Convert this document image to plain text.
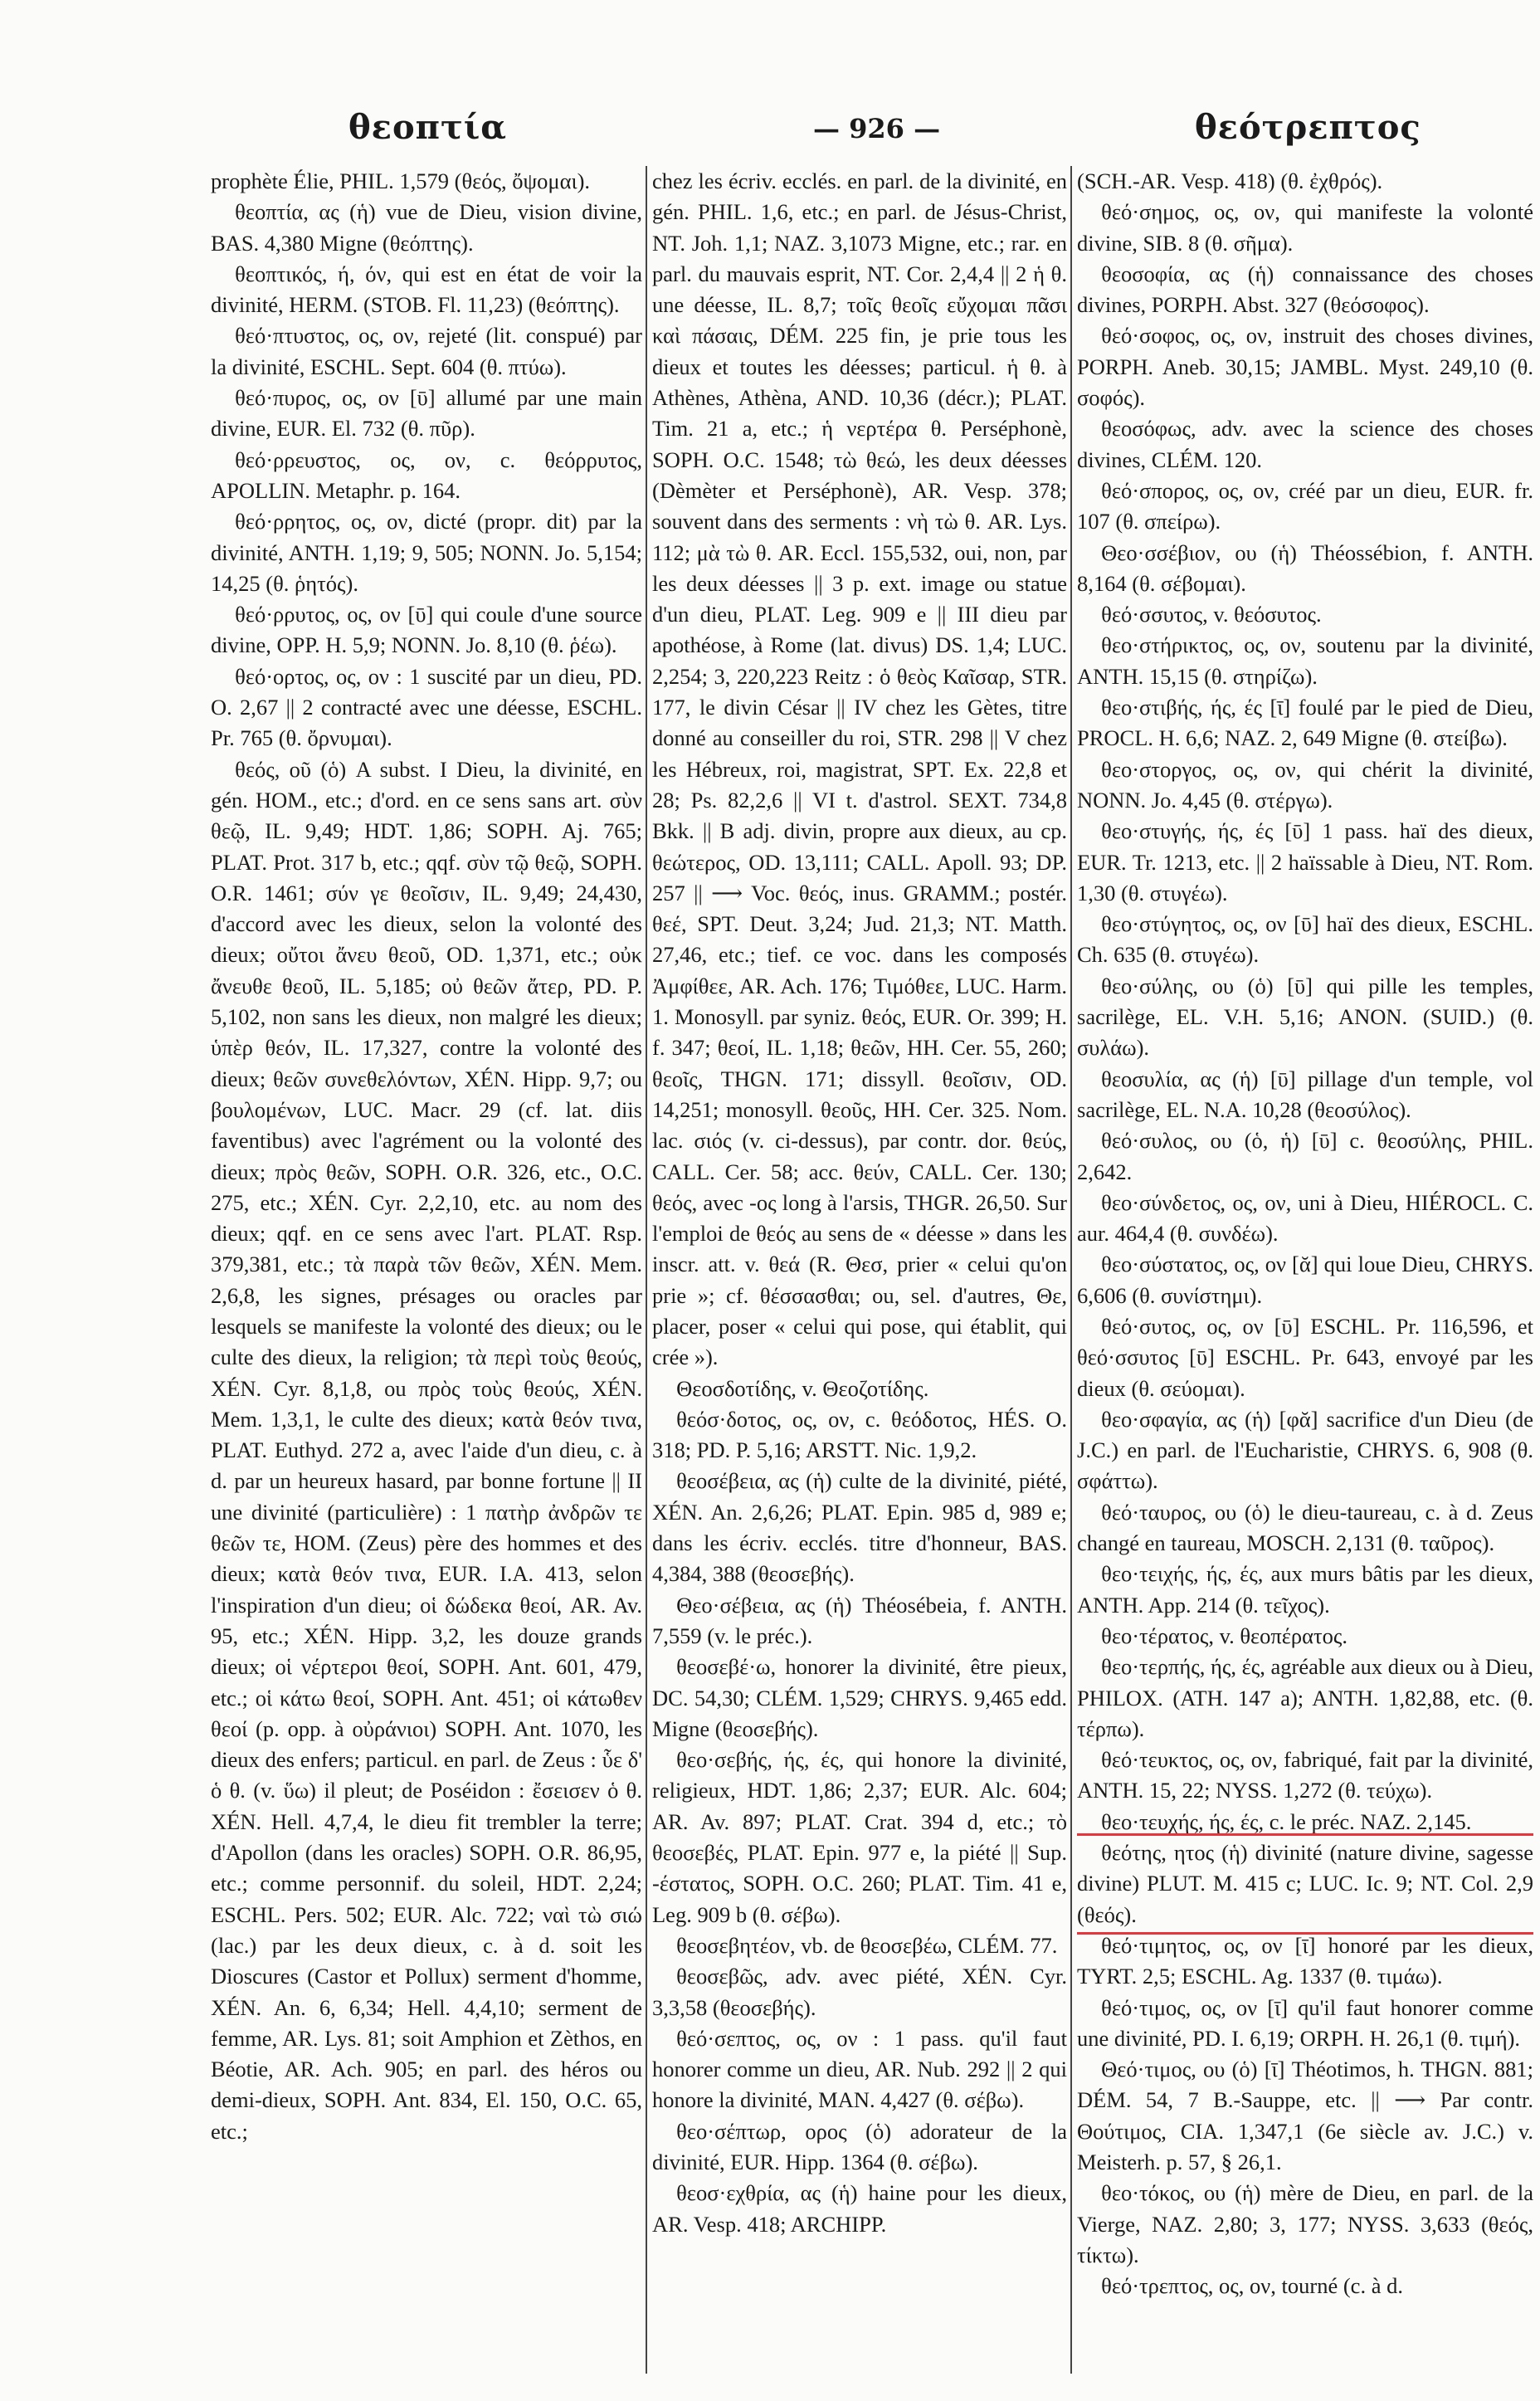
θεοπτία	— 926 —	θεότρεπτος

prophète Élie, PHIL. 1,579 (θεός, ὄψομαι).

θεοπτία, ας (ἡ) vue de Dieu, vision divine, BAS. 4,380 Migne (θεόπτης).

θεοπτικός, ή, όν, qui est en état de voir la divinité, HERM. (STOB. Fl. 11,23) (θεόπτης).

θεό·πτυστος, ος, ον, rejeté (lit. conspué) par la divinité, ESCHL. Sept. 604 (θ. πτύω).

θεό·πυρος, ος, ον [ῡ] allumé par une main divine, EUR. El. 732 (θ. πῦρ).

θεό·ρρευστος, ος, ον, c. θεόρρυτος, APOLLIN. Metaphr. p. 164.

θεό·ρρητος, ος, ον, dicté (propr. dit) par la divinité, ANTH. 1,19; 9, 505; NONN. Jo. 5,154; 14,25 (θ. ῥητός).

θεό·ρρυτος, ος, ον [ῡ] qui coule d'une source divine, OPP. H. 5,9; NONN. Jo. 8,10 (θ. ῥέω).

θεό·ορτος, ος, ον : 1 suscité par un dieu, PD. O. 2,67 || 2 contracté avec une déesse, ESCHL. Pr. 765 (θ. ὄρνυμαι).

θεός, οῦ (ὁ) A subst. I Dieu, la divinité, en gén. HOM., etc.; d'ord. en ce sens sans art. σὺν θεῷ, IL. 9,49; HDT. 1,86; SOPH. Aj. 765; PLAT. Prot. 317 b, etc.; qqf. σὺν τῷ θεῷ, SOPH. O.R. 1461; σύν γε θεοῖσιν, IL. 9,49; 24,430, d'accord avec les dieux, selon la volonté des dieux; οὔτοι ἄνευ θεοῦ, OD. 1,371, etc.; οὐκ ἄνευθε θεοῦ, IL. 5,185; οὐ θεῶν ἄτερ, PD. P. 5,102, non sans les dieux, non malgré les dieux; ὑπὲρ θεόν, IL. 17,327, contre la volonté des dieux; θεῶν συνεθελόντων, XÉN. Hipp. 9,7; ou βουλομένων, LUC. Macr. 29 (cf. lat. diis faventibus) avec l'agrément ou la volonté des dieux; πρὸς θεῶν, SOPH. O.R. 326, etc., O.C. 275, etc.; XÉN. Cyr. 2,2,10, etc. au nom des dieux; qqf. en ce sens avec l'art. PLAT. Rsp. 379,381, etc.; τὰ παρὰ τῶν θεῶν, XÉN. Mem. 2,6,8, les signes, présages ou oracles par lesquels se manifeste la volonté des dieux; ou le culte des dieux, la religion; τὰ περὶ τοὺς θεούς, XÉN. Cyr. 8,1,8, ou πρὸς τοὺς θεούς, XÉN. Mem. 1,3,1, le culte des dieux; κατὰ θεόν τινα, PLAT. Euthyd. 272 a, avec l'aide d'un dieu, c. à d. par un heureux hasard, par bonne fortune || II une divinité (particulière) : 1 πατὴρ ἀνδρῶν τε θεῶν τε, HOM. (Zeus) père des hommes et des dieux; κατὰ θεόν τινα, EUR. I.A. 413, selon l'inspiration d'un dieu; οἱ δώδεκα θεοί, AR. Av. 95, etc.; XÉN. Hipp. 3,2, les douze grands dieux; οἱ νέρτεροι θεοί, SOPH. Ant. 601, 479, etc.; οἱ κάτω θεοί, SOPH. Ant. 451; οἱ κάτωθεν θεοί (p. opp. à οὐράνιοι) SOPH. Ant. 1070, les dieux des enfers; particul. en parl. de Zeus : ὗε δ' ὁ θ. (v. ὕω) il pleut; de Poséidon : ἔσεισεν ὁ θ. XÉN. Hell. 4,7,4, le dieu fit trembler la terre; d'Apollon (dans les oracles) SOPH. O.R. 86,95, etc.; comme personnif. du soleil, HDT. 2,24; ESCHL. Pers. 502; EUR. Alc. 722; ναὶ τὼ σιώ (lac.) par les deux dieux, c. à d. soit les Dioscures (Castor et Pollux) serment d'homme, XÉN. An. 6, 6,34; Hell. 4,4,10; serment de femme, AR. Lys. 81; soit Amphion et Zèthos, en Béotie, AR. Ach. 905; en parl. des héros ou demi-dieux, SOPH. Ant. 834, El. 150, O.C. 65, etc.;

chez les écriv. ecclés. en parl. de la divinité, en gén. PHIL. 1,6, etc.; en parl. de Jésus-Christ, NT. Joh. 1,1; NAZ. 3,1073 Migne, etc.; rar. en parl. du mauvais esprit, NT. Cor. 2,4,4 || 2 ἡ θ. une déesse, IL. 8,7; τοῖς θεοῖς εὔχομαι πᾶσι καὶ πάσαις, DÉM. 225 fin, je prie tous les dieux et toutes les déesses; particul. ἡ θ. à Athènes, Athèna, AND. 10,36 (décr.); PLAT. Tim. 21 a, etc.; ἡ νερτέρα θ. Perséphonè, SOPH. O.C. 1548; τὼ θεώ, les deux déesses (Dèmèter et Perséphonè), AR. Vesp. 378; souvent dans des serments : νὴ τὼ θ. AR. Lys. 112; μὰ τὼ θ. AR. Eccl. 155,532, oui, non, par les deux déesses || 3 p. ext. image ou statue d'un dieu, PLAT. Leg. 909 e || III dieu par apothéose, à Rome (lat. divus) DS. 1,4; LUC. 2,254; 3, 220,223 Reitz : ὁ θεὸς Καῖσαρ, STR. 177, le divin César || IV chez les Gètes, titre donné au conseiller du roi, STR. 298 || V chez les Hébreux, roi, magistrat, SPT. Ex. 22,8 et 28; Ps. 82,2,6 || VI t. d'astrol. SEXT. 734,8 Bkk. || B adj. divin, propre aux dieux, au cp. θεώτερος, OD. 13,111; CALL. Apoll. 93; DP. 257 || ⟶ Voc. θεός, inus. GRAMM.; postér. θεέ, SPT. Deut. 3,24; Jud. 21,3; NT. Matth. 27,46, etc.; tief. ce voc. dans les composés Ἀμφίθεε, AR. Ach. 176; Τιμόθεε, LUC. Harm. 1. Monosyll. par syniz. θεός, EUR. Or. 399; H. f. 347; θεοί, IL. 1,18; θεῶν, HH. Cer. 55, 260; θεοῖς, THGN. 171; dissyll. θεοῖσιν, OD. 14,251; monosyll. θεοῦς, HH. Cer. 325. Nom. lac. σιός (v. ci-dessus), par contr. dor. θεύς, CALL. Cer. 58; acc. θεύν, CALL. Cer. 130; θεός, avec -ος long à l'arsis, THGR. 26,50. Sur l'emploi de θεός au sens de « déesse » dans les inscr. att. v. θεά (R. Θεσ, prier « celui qu'on prie »; cf. θέσσασθαι; ou, sel. d'autres, Θε, placer, poser « celui qui pose, qui établit, qui crée »).

Θεοσδοτίδης, v. Θεοζοτίδης.

θεόσ·δοτος, ος, ον, c. θεόδοτος, HÉS. O. 318; PD. P. 5,16; ARSTT. Nic. 1,9,2.

θεοσέβεια, ας (ἡ) culte de la divinité, piété, XÉN. An. 2,6,26; PLAT. Epin. 985 d, 989 e; dans les écriv. ecclés. titre d'honneur, BAS. 4,384, 388 (θεοσεβής).

Θεο·σέβεια, ας (ἡ) Théosébeia, f. ANTH. 7,559 (v. le préc.).

θεοσεβέ·ω, honorer la divinité, être pieux, DC. 54,30; CLÉM. 1,529; CHRYS. 9,465 edd. Migne (θεοσεβής).

θεο·σεβής, ής, ές, qui honore la divinité, religieux, HDT. 1,86; 2,37; EUR. Alc. 604; AR. Av. 897; PLAT. Crat. 394 d, etc.; τὸ θεοσεβές, PLAT. Epin. 977 e, la piété || Sup. -έστατος, SOPH. O.C. 260; PLAT. Tim. 41 e, Leg. 909 b (θ. σέβω).

θεοσεβητέον, vb. de θεοσεβέω, CLÉM. 77.

θεοσεβῶς, adv. avec piété, XÉN. Cyr. 3,3,58 (θεοσεβής).

θεό·σεπτος, ος, ον : 1 pass. qu'il faut honorer comme un dieu, AR. Nub. 292 || 2 qui honore la divinité, MAN. 4,427 (θ. σέβω).

θεο·σέπτωρ, ορος (ὁ) adorateur de la divinité, EUR. Hipp. 1364 (θ. σέβω).

θεοσ·εχθρία, ας (ἡ) haine pour les dieux, AR. Vesp. 418; ARCHIPP.

(SCH.-AR. Vesp. 418) (θ. ἐχθρός).

θεό·σημος, ος, ον, qui manifeste la volonté divine, SIB. 8 (θ. σῆμα).

θεοσοφία, ας (ἡ) connaissance des choses divines, PORPH. Abst. 327 (θεόσοφος).

θεό·σοφος, ος, ον, instruit des choses divines, PORPH. Aneb. 30,15; JAMBL. Myst. 249,10 (θ. σοφός).

θεοσόφως, adv. avec la science des choses divines, CLÉM. 120.

θεό·σπορος, ος, ον, créé par un dieu, EUR. fr. 107 (θ. σπείρω).

Θεο·σσέβιον, ου (ἡ) Théossébion, f. ANTH. 8,164 (θ. σέβομαι).

θεό·σσυτος, v. θεόσυτος.

θεο·στήρικτος, ος, ον, soutenu par la divinité, ANTH. 15,15 (θ. στηρίζω).

θεο·στιβής, ής, ές [ῑ] foulé par le pied de Dieu, PROCL. H. 6,6; NAZ. 2, 649 Migne (θ. στείβω).

θεο·στοργος, ος, ον, qui chérit la divinité, NONN. Jo. 4,45 (θ. στέργω).

θεο·στυγής, ής, ές [ῡ] 1 pass. haï des dieux, EUR. Tr. 1213, etc. || 2 haïssable à Dieu, NT. Rom. 1,30 (θ. στυγέω).

θεο·στύγητος, ος, ον [ῡ] haï des dieux, ESCHL. Ch. 635 (θ. στυγέω).

θεο·σύλης, ου (ὁ) [ῡ] qui pille les temples, sacrilège, EL. V.H. 5,16; ANON. (SUID.) (θ. συλάω).

θεοσυλία, ας (ἡ) [ῡ] pillage d'un temple, vol sacrilège, EL. N.A. 10,28 (θεοσύλος).

θεό·συλος, ου (ὁ, ἡ) [ῡ] c. θεοσύλης, PHIL. 2,642.

θεο·σύνδετος, ος, ον, uni à Dieu, HIÉROCL. C. aur. 464,4 (θ. συνδέω).

θεο·σύστατος, ος, ον [ᾰ] qui loue Dieu, CHRYS. 6,606 (θ. συνίστημι).

θεό·συτος, ος, ον [ῡ] ESCHL. Pr. 116,596, et θεό·σσυτος [ῡ] ESCHL. Pr. 643, envoyé par les dieux (θ. σεύομαι).

θεο·σφαγία, ας (ἡ) [φᾰ] sacrifice d'un Dieu (de J.C.) en parl. de l'Eucharistie, CHRYS. 6, 908 (θ. σφάττω).

θεό·ταυρος, ου (ὁ) le dieu-taureau, c. à d. Zeus changé en taureau, MOSCH. 2,131 (θ. ταῦρος).

θεο·τειχής, ής, ές, aux murs bâtis par les dieux, ANTH. App. 214 (θ. τεῖχος).

θεο·τέρατος, v. θεοπέρατος.

θεο·τερπής, ής, ές, agréable aux dieux ou à Dieu, PHILOX. (ATH. 147 a); ANTH. 1,82,88, etc. (θ. τέρπω).

θεό·τευκτος, ος, ον, fabriqué, fait par la divinité, ANTH. 15, 22; NYSS. 1,272 (θ. τεύχω).

θεο·τευχής, ής, ές, c. le préc. NAZ. 2,145.

θεότης, ητος (ἡ) divinité (nature divine, sagesse divine) PLUT. M. 415 c; LUC. Ic. 9; NT. Col. 2,9 (θεός).

θεό·τιμητος, ος, ον [ῑ] honoré par les dieux, TYRT. 2,5; ESCHL. Ag. 1337 (θ. τιμάω).

θεό·τιμος, ος, ον [ῑ] qu'il faut honorer comme une divinité, PD. I. 6,19; ORPH. H. 26,1 (θ. τιμή).

Θεό·τιμος, ου (ὁ) [ῑ] Théotimos, h. THGN. 881; DÉM. 54, 7 B.-Sauppe, etc. || ⟶ Par contr. Θούτιμος, CIA. 1,347,1 (6e siècle av. J.C.) v. Meisterh. p. 57, § 26,1.

θεο·τόκος, ου (ἡ) mère de Dieu, en parl. de la Vierge, NAZ. 2,80; 3, 177; NYSS. 3,633 (θεός, τίκτω).

θεό·τρεπτος, ος, ον, tourné (c. à d.
